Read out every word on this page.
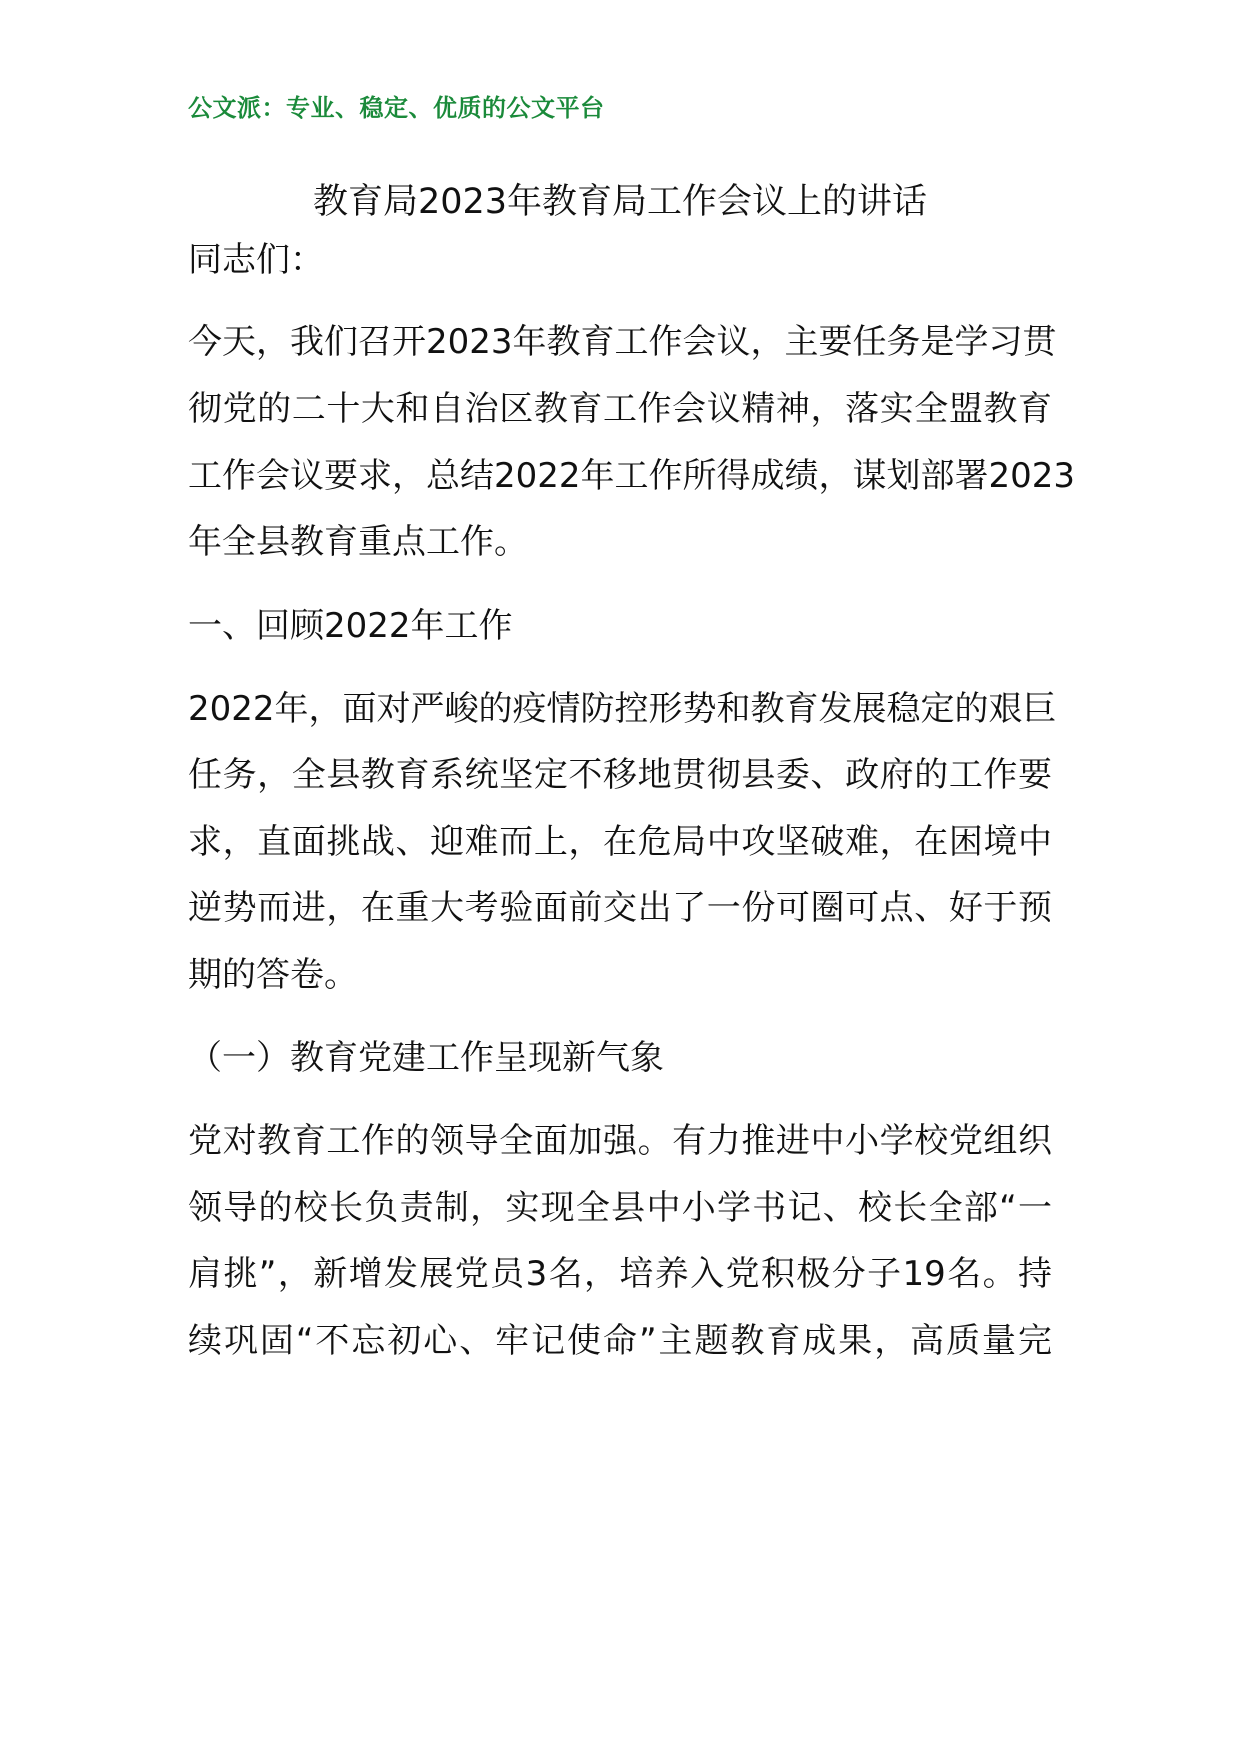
公文派：专业、稳定、优质的公文平台
教育局2023年教育局工作会议上的讲话
同志们：
今天，我们召开2023年教育工作会议，主要任务是学习贯
彻党的二十大和自治区教育工作会议精神，落实全盟教育
工作会议要求，总结2022年工作所得成绩，谋划部署2023
年全县教育重点工作。
一、回顾2022年工作
2022年，面对严峻的疫情防控形势和教育发展稳定的艰巨
任务，全县教育系统坚定不移地贯彻县委、政府的工作要
求，直面挑战、迎难而上，在危局中攻坚破难，在困境中
逆势而进，在重大考验面前交出了一份可圈可点、好于预
期的答卷。
（一）教育党建工作呈现新气象
党对教育工作的领导全面加强。有力推进中小学校党组织
领导的校长负责制，实现全县中小学书记、校长全部“一
肩挑”，新增发展党员3名，培养入党积极分子19名。持
续巩固“不忘初心、牢记使命”主题教育成果，高质量完
